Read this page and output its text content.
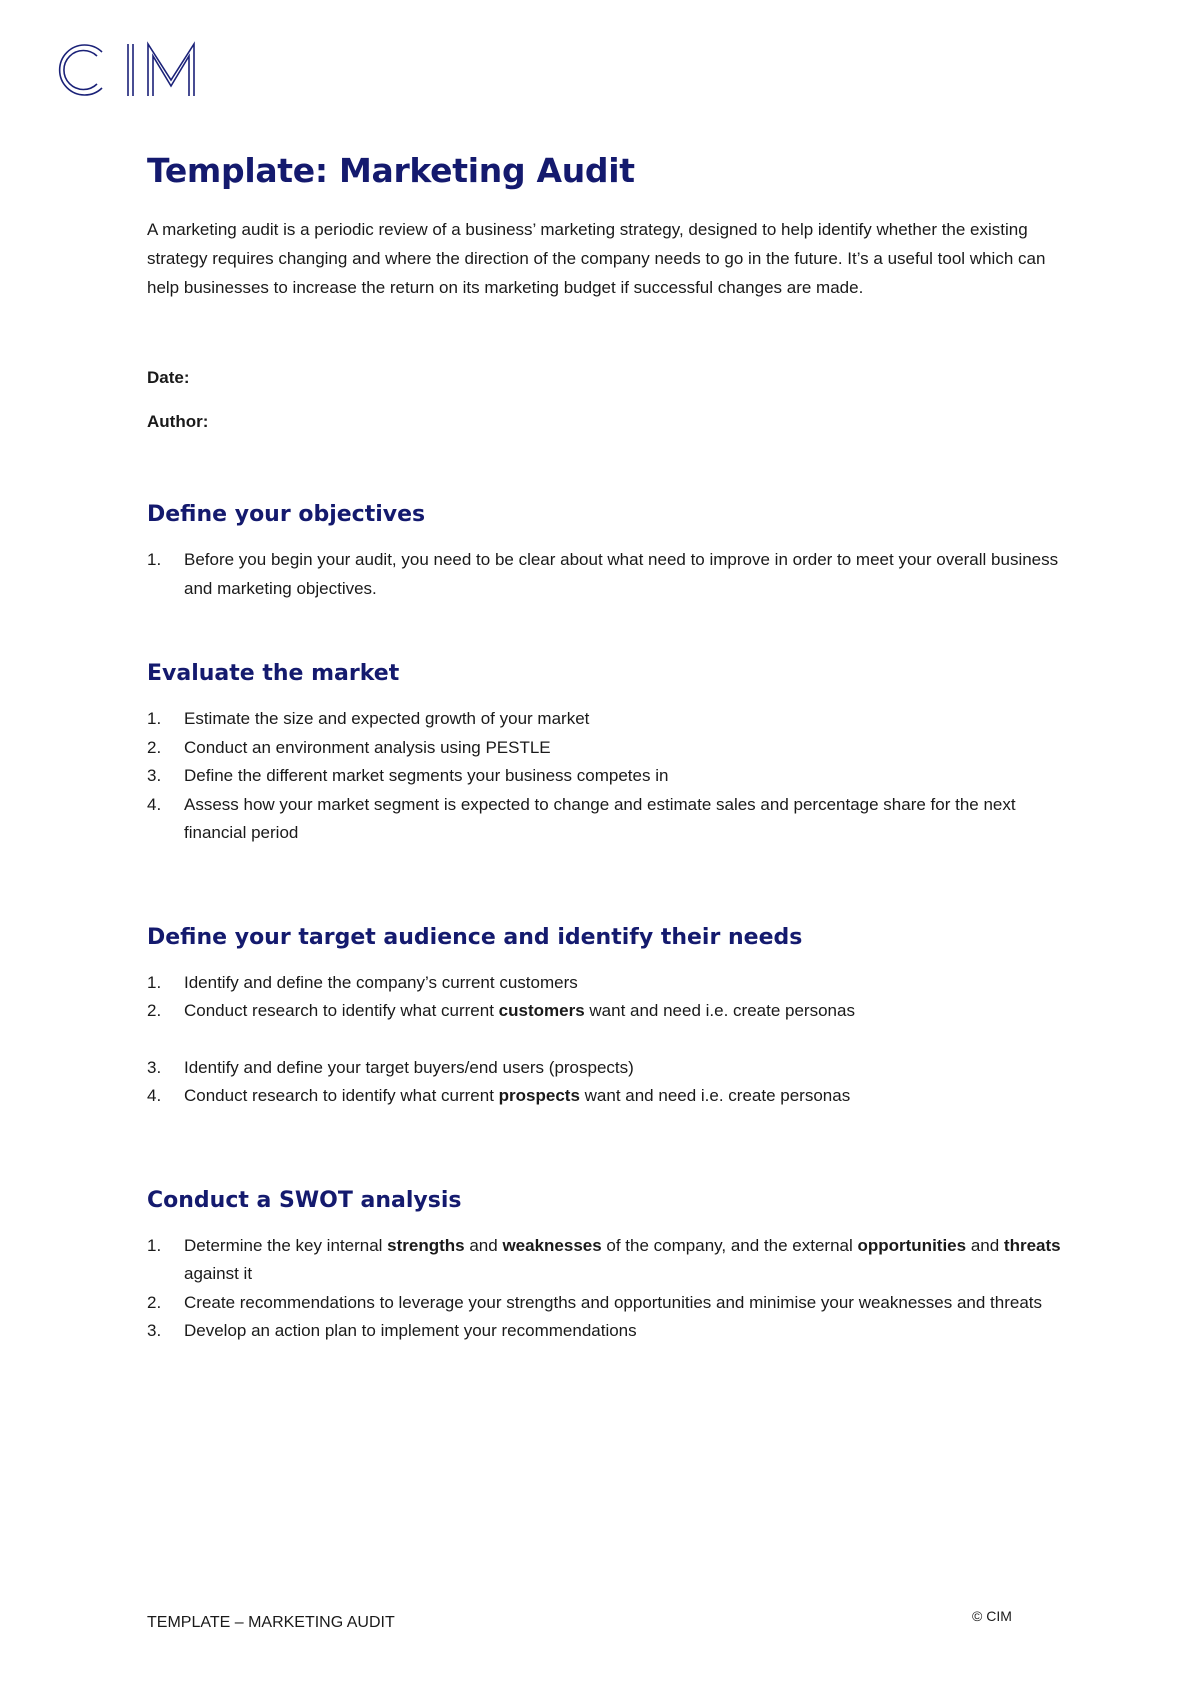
Template: Marketing Audit

A marketing audit is a periodic review of a business’ marketing strategy, designed to help identify whether the existing strategy requires changing and where the direction of the company needs to go in the future. It’s a useful tool which can help businesses to increase the return on its marketing budget if successful changes are made.

Date:
Author:
Define your objectives
1. Before you begin your audit, you need to be clear about what need to improve in order to meet your overall business and marketing objectives.
Evaluate the market
1. Estimate the size and expected growth of your market
2. Conduct an environment analysis using PESTLE
3. Define the different market segments your business competes in
4. Assess how your market segment is expected to change and estimate sales and percentage share for the next financial period
Define your target audience and identify their needs
1. Identify and define the company’s current customers
2. Conduct research to identify what current customers want and need i.e. create personas
3. Identify and define your target buyers/end users (prospects)
4. Conduct research to identify what current prospects want and need i.e. create personas
Conduct a SWOT analysis
1. Determine the key internal strengths and weaknesses of the company, and the external opportunities and threats against it
2. Create recommendations to leverage your strengths and opportunities and minimise your weaknesses and threats
3. Develop an action plan to implement your recommendations
TEMPLATE – MARKETING AUDIT	© CIM
